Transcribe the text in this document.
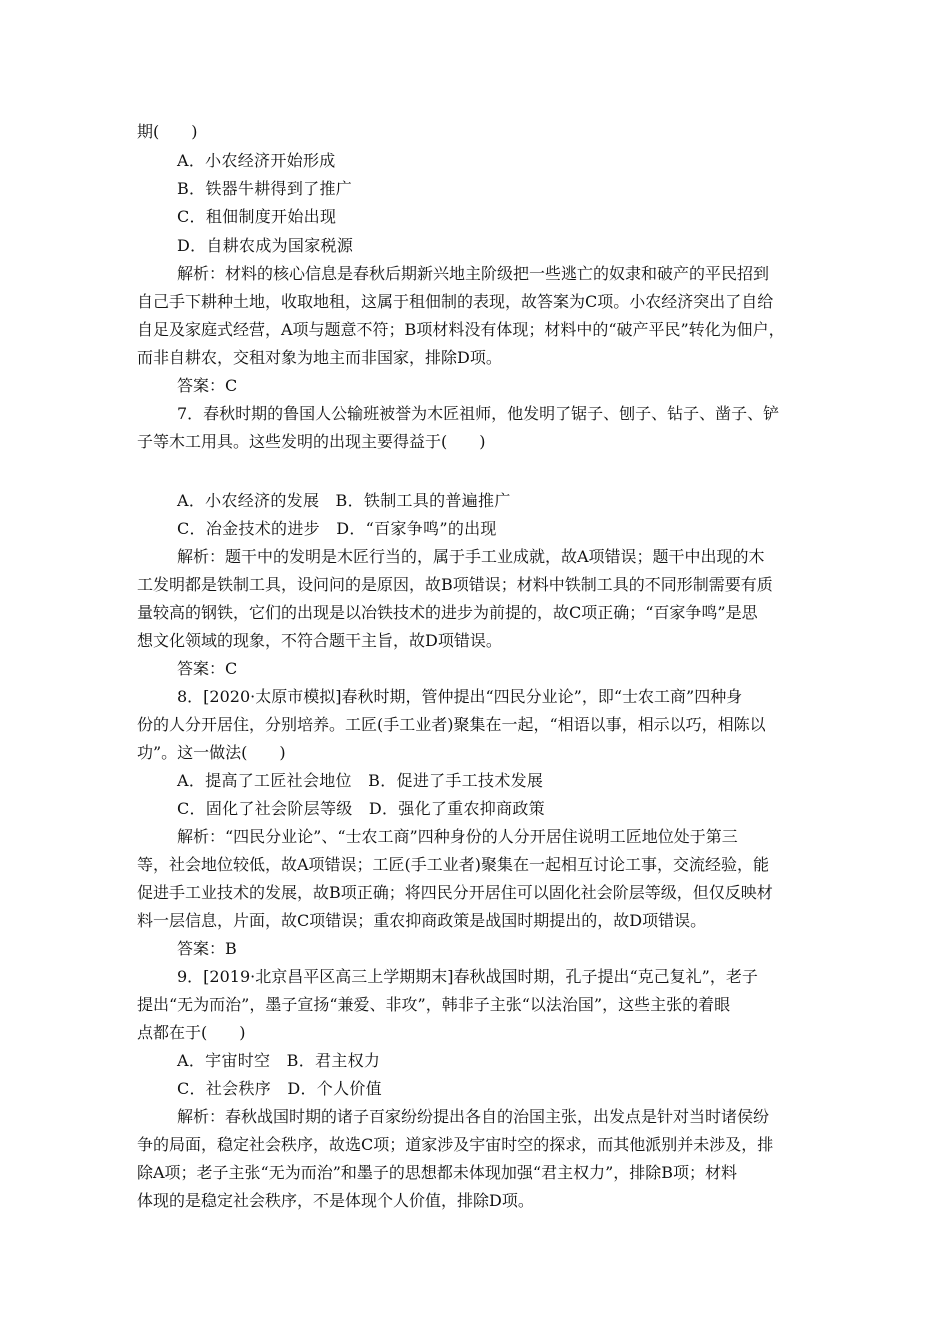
期(　　)
A．小农经济开始形成
B．铁器牛耕得到了推广
C．租佃制度开始出现
D．自耕农成为国家税源
解析：材料的核心信息是春秋后期新兴地主阶级把一些逃亡的奴隶和破产的平民招到
自己手下耕种土地，收取地租，这属于租佃制的表现，故答案为C项。小农经济突出了自给
自足及家庭式经营，A项与题意不符；B项材料没有体现；材料中的“破产平民”转化为佃户，
而非自耕农，交租对象为地主而非国家，排除D项。
答案：C
7．春秋时期的鲁国人公输班被誉为木匠祖师，他发明了锯子、刨子、钻子、凿子、铲
子等木工用具。这些发明的出现主要得益于(　　)
A．小农经济的发展　B．铁制工具的普遍推广
C．冶金技术的进步　D．“百家争鸣”的出现
解析：题干中的发明是木匠行当的，属于手工业成就，故A项错误；题干中出现的木
工发明都是铁制工具，设问问的是原因，故B项错误；材料中铁制工具的不同形制需要有质
量较高的钢铁，它们的出现是以冶铁技术的进步为前提的，故C项正确；“百家争鸣”是思
想文化领域的现象，不符合题干主旨，故D项错误。
答案：C
8．[2020·太原市模拟]春秋时期，管仲提出“四民分业论”，即“士农工商”四种身
份的人分开居住，分别培养。工匠(手工业者)聚集在一起，“相语以事，相示以巧，相陈以
功”。这一做法(　　)
A．提高了工匠社会地位　B．促进了手工技术发展
C．固化了社会阶层等级　D．强化了重农抑商政策
解析：“四民分业论”、“士农工商”四种身份的人分开居住说明工匠地位处于第三
等，社会地位较低，故A项错误；工匠(手工业者)聚集在一起相互讨论工事，交流经验，能
促进手工业技术的发展，故B项正确；将四民分开居住可以固化社会阶层等级，但仅反映材
料一层信息，片面，故C项错误；重农抑商政策是战国时期提出的，故D项错误。
答案：B
9．[2019·北京昌平区高三上学期期末]春秋战国时期，孔子提出“克己复礼”，老子
提出“无为而治”，墨子宣扬“兼爱、非攻”，韩非子主张“以法治国”，这些主张的着眼
点都在于(　　)
A．宇宙时空　B．君主权力
C．社会秩序　D．个人价值
解析：春秋战国时期的诸子百家纷纷提出各自的治国主张，出发点是针对当时诸侯纷
争的局面，稳定社会秩序，故选C项；道家涉及宇宙时空的探求，而其他派别并未涉及，排
除A项；老子主张“无为而治”和墨子的思想都未体现加强“君主权力”，排除B项；材料
体现的是稳定社会秩序，不是体现个人价值，排除D项。
